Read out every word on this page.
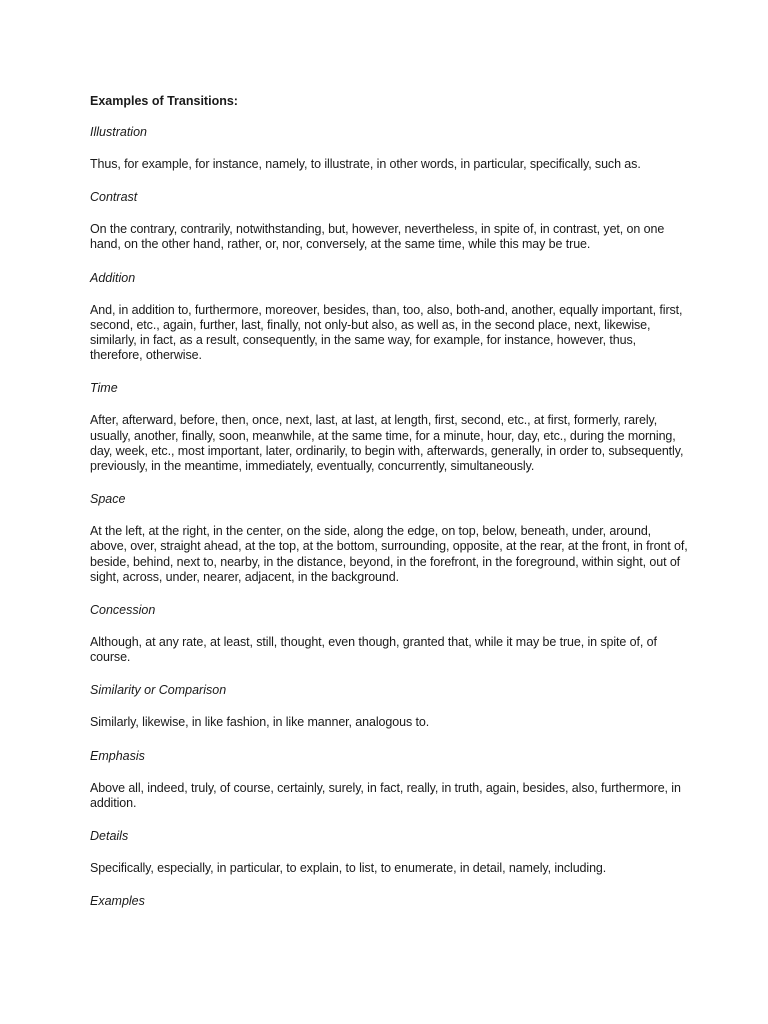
Examples of Transitions:
Illustration
Thus, for example, for instance, namely, to illustrate, in other words, in particular, specifically, such as.
Contrast
On the contrary, contrarily, notwithstanding, but, however, nevertheless, in spite of, in contrast, yet, on one hand, on the other hand, rather, or, nor, conversely, at the same time, while this may be true.
Addition
And, in addition to, furthermore, moreover, besides, than, too, also, both-and, another, equally important, first, second, etc., again, further, last, finally, not only-but also, as well as, in the second place, next, likewise, similarly, in fact, as a result, consequently, in the same way, for example, for instance, however, thus, therefore, otherwise.
Time
After, afterward, before, then, once, next, last, at last, at length, first, second, etc., at first, formerly, rarely, usually, another, finally, soon, meanwhile, at the same time, for a minute, hour, day, etc., during the morning, day, week, etc., most important, later, ordinarily, to begin with, afterwards, generally, in order to, subsequently, previously, in the meantime, immediately, eventually, concurrently, simultaneously.
Space
At the left, at the right, in the center, on the side, along the edge, on top, below, beneath, under, around, above, over, straight ahead, at the top, at the bottom, surrounding, opposite, at the rear, at the front, in front of, beside, behind, next to, nearby, in the distance, beyond, in the forefront, in the foreground, within sight, out of sight, across, under, nearer, adjacent, in the background.
Concession
Although, at any rate, at least, still, thought, even though, granted that, while it may be true, in spite of, of course.
Similarity or Comparison
Similarly, likewise, in like fashion, in like manner, analogous to.
Emphasis
Above all, indeed, truly, of course, certainly, surely, in fact, really, in truth, again, besides, also, furthermore, in addition.
Details
Specifically, especially, in particular, to explain, to list, to enumerate, in detail, namely, including.
Examples
